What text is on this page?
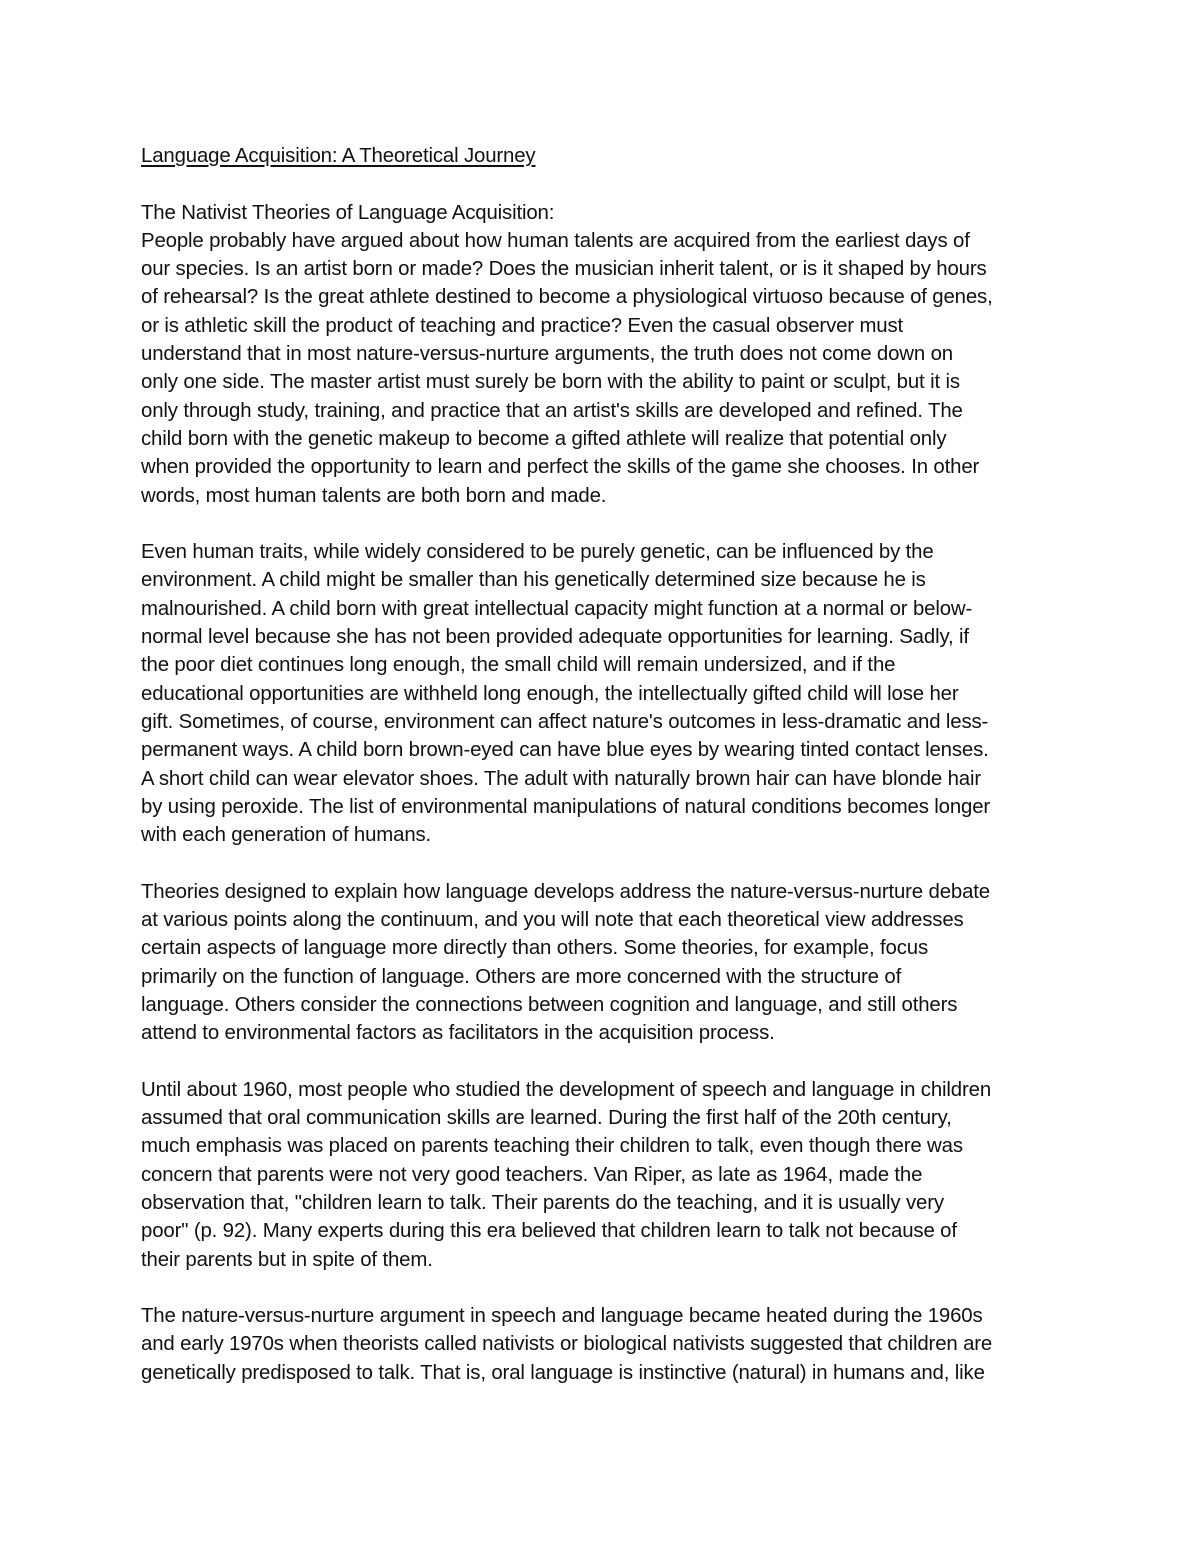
Language Acquisition: A Theoretical Journey
The Nativist Theories of Language Acquisition:
People probably have argued about how human talents are acquired from the earliest days of
our species. Is an artist born or made? Does the musician inherit talent, or is it shaped by hours
of rehearsal? Is the great athlete destined to become a physiological virtuoso because of genes,
or is athletic skill the product of teaching and practice? Even the casual observer must
understand that in most nature-versus-nurture arguments, the truth does not come down on
only one side. The master artist must surely be born with the ability to paint or sculpt, but it is
only through study, training, and practice that an artist's skills are developed and refined. The
child born with the genetic makeup to become a gifted athlete will realize that potential only
when provided the opportunity to learn and perfect the skills of the game she chooses. In other
words, most human talents are both born and made.
Even human traits, while widely considered to be purely genetic, can be influenced by the
environment. A child might be smaller than his genetically determined size because he is
malnourished. A child born with great intellectual capacity might function at a normal or below-
normal level because she has not been provided adequate opportunities for learning. Sadly, if
the poor diet continues long enough, the small child will remain undersized, and if the
educational opportunities are withheld long enough, the intellectually gifted child will lose her
gift. Sometimes, of course, environment can affect nature's outcomes in less-dramatic and less-
permanent ways. A child born brown-eyed can have blue eyes by wearing tinted contact lenses.
A short child can wear elevator shoes. The adult with naturally brown hair can have blonde hair
by using peroxide. The list of environmental manipulations of natural conditions becomes longer
with each generation of humans.
Theories designed to explain how language develops address the nature-versus-nurture debate
at various points along the continuum, and you will note that each theoretical view addresses
certain aspects of language more directly than others. Some theories, for example, focus
primarily on the function of language. Others are more concerned with the structure of
language. Others consider the connections between cognition and language, and still others
attend to environmental factors as facilitators in the acquisition process.
Until about 1960, most people who studied the development of speech and language in children
assumed that oral communication skills are learned. During the first half of the 20th century,
much emphasis was placed on parents teaching their children to talk, even though there was
concern that parents were not very good teachers. Van Riper, as late as 1964, made the
observation that, "children learn to talk. Their parents do the teaching, and it is usually very
poor" (p. 92). Many experts during this era believed that children learn to talk not because of
their parents but in spite of them.
The nature-versus-nurture argument in speech and language became heated during the 1960s
and early 1970s when theorists called nativists or biological nativists suggested that children are
genetically predisposed to talk. That is, oral language is instinctive (natural) in humans and, like
